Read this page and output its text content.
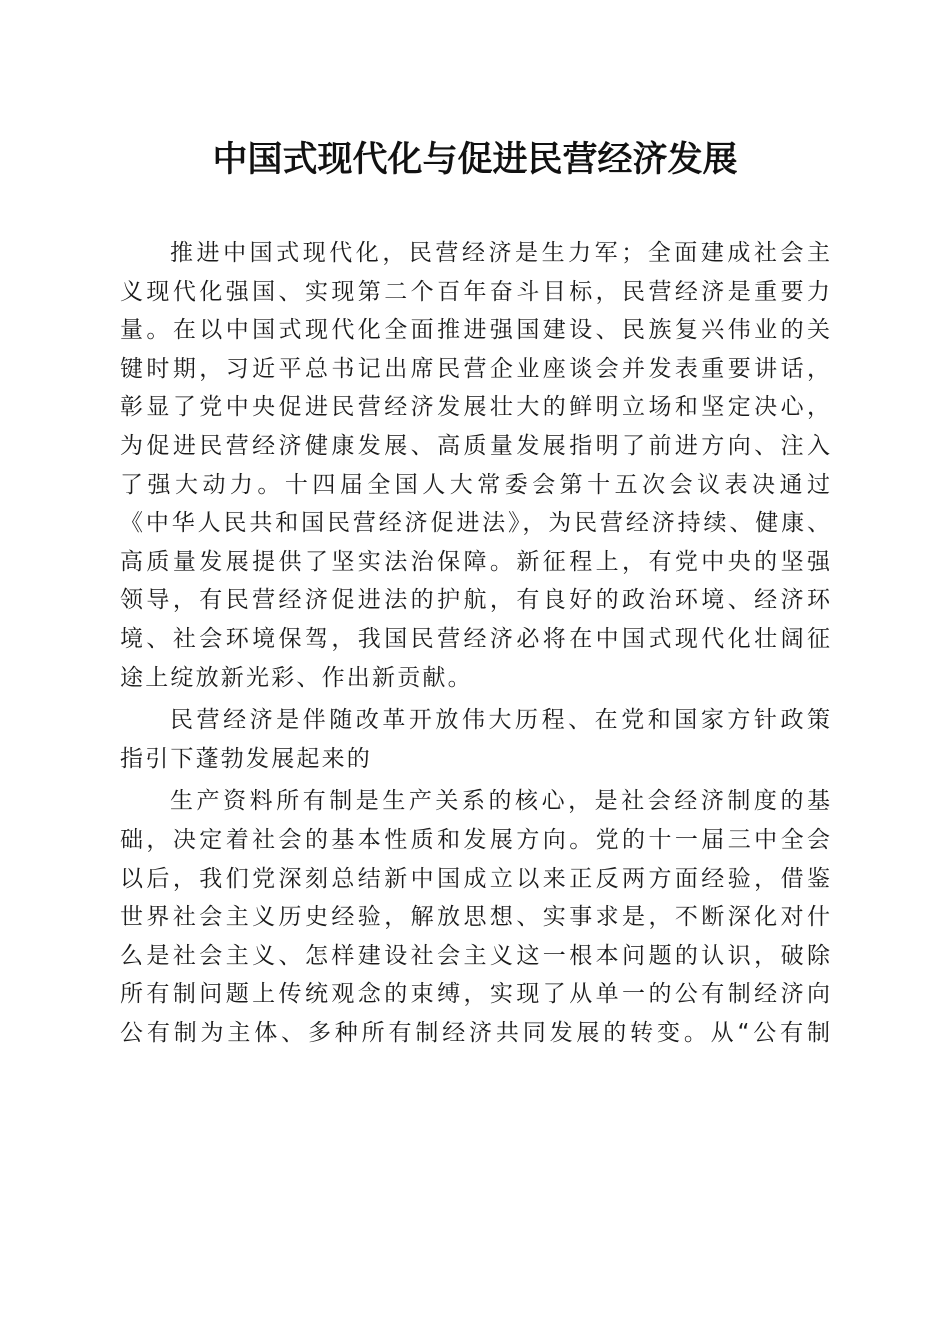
中国式现代化与促进民营经济发展
推进中国式现代化，民营经济是生力军；全面建成社会主
义现代化强国、实现第二个百年奋斗目标，民营经济是重要力
量。在以中国式现代化全面推进强国建设、民族复兴伟业的关
键时期，习近平总书记出席民营企业座谈会并发表重要讲话，
彰显了党中央促进民营经济发展壮大的鲜明立场和坚定决心，
为促进民营经济健康发展、高质量发展指明了前进方向、注入
了强大动力。十四届全国人大常委会第十五次会议表决通过
《中华人民共和国民营经济促进法》，为民营经济持续、健康、
高质量发展提供了坚实法治保障。新征程上，有党中央的坚强
领导，有民营经济促进法的护航，有良好的政治环境、经济环
境、社会环境保驾，我国民营经济必将在中国式现代化壮阔征
途上绽放新光彩、作出新贡献。
民营经济是伴随改革开放伟大历程、在党和国家方针政策
指引下蓬勃发展起来的
生产资料所有制是生产关系的核心，是社会经济制度的基
础，决定着社会的基本性质和发展方向。党的十一届三中全会
以后，我们党深刻总结新中国成立以来正反两方面经验，借鉴
世界社会主义历史经验，解放思想、实事求是，不断深化对什
么是社会主义、怎样建设社会主义这一根本问题的认识，破除
所有制问题上传统观念的束缚，实现了从单一的公有制经济向
公有制为主体、多种所有制经济共同发展的转变。从“公有制
